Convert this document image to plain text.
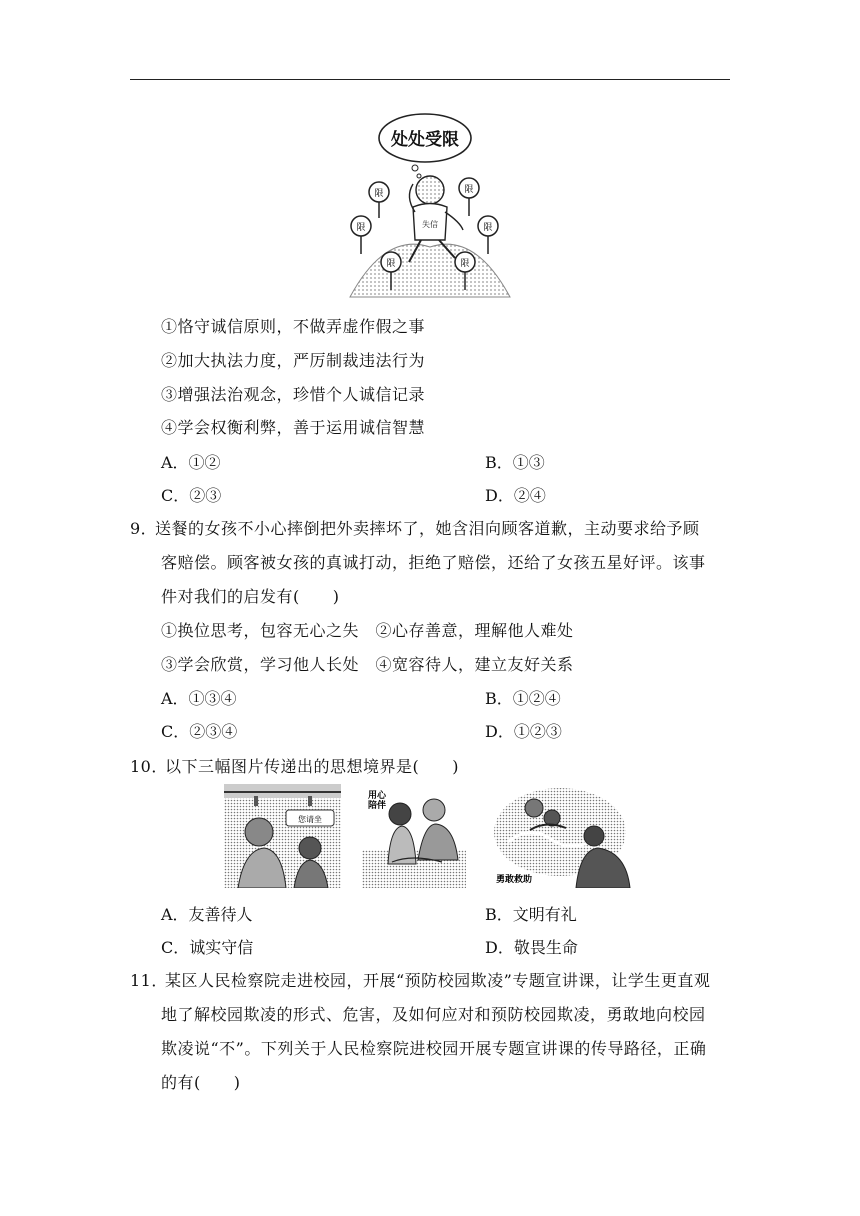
处处受限
失信
限	限
限	限
限	限
①恪守诚信原则，不做弄虚作假之事
②加大执法力度，严厉制裁违法行为
③增强法治观念，珍惜个人诚信记录
④学会权衡利弊，善于运用诚信智慧
A．①②	B．①③
C．②③	D．②④
9．
送餐的女孩不小心摔倒把外卖摔坏了，她含泪向顾客道歉，主动要求给予顾
客赔偿。顾客被女孩的真诚打动，拒绝了赔偿，还给了女孩五星好评。该事
件对我们的启发有(　　)
①换位思考，包容无心之失　②心存善意，理解他人难处
③学会欣赏，学习他人长处　④宽容待人，建立友好关系
A．①③④	B．①②④
C．②③④	D．①②③
10．
以下三幅图片传递出的思想境界是(　　)
您请坐
用心陪伴
勇敢救助
A．友善待人	B．文明有礼
C．诚实守信	D．敬畏生命
11．
某区人民检察院走进校园，开展“预防校园欺凌”专题宣讲课，让学生更直观
地了解校园欺凌的形式、危害，及如何应对和预防校园欺凌，勇敢地向校园
欺凌说“不”。下列关于人民检察院进校园开展专题宣讲课的传导路径，正确
的有(　　)
